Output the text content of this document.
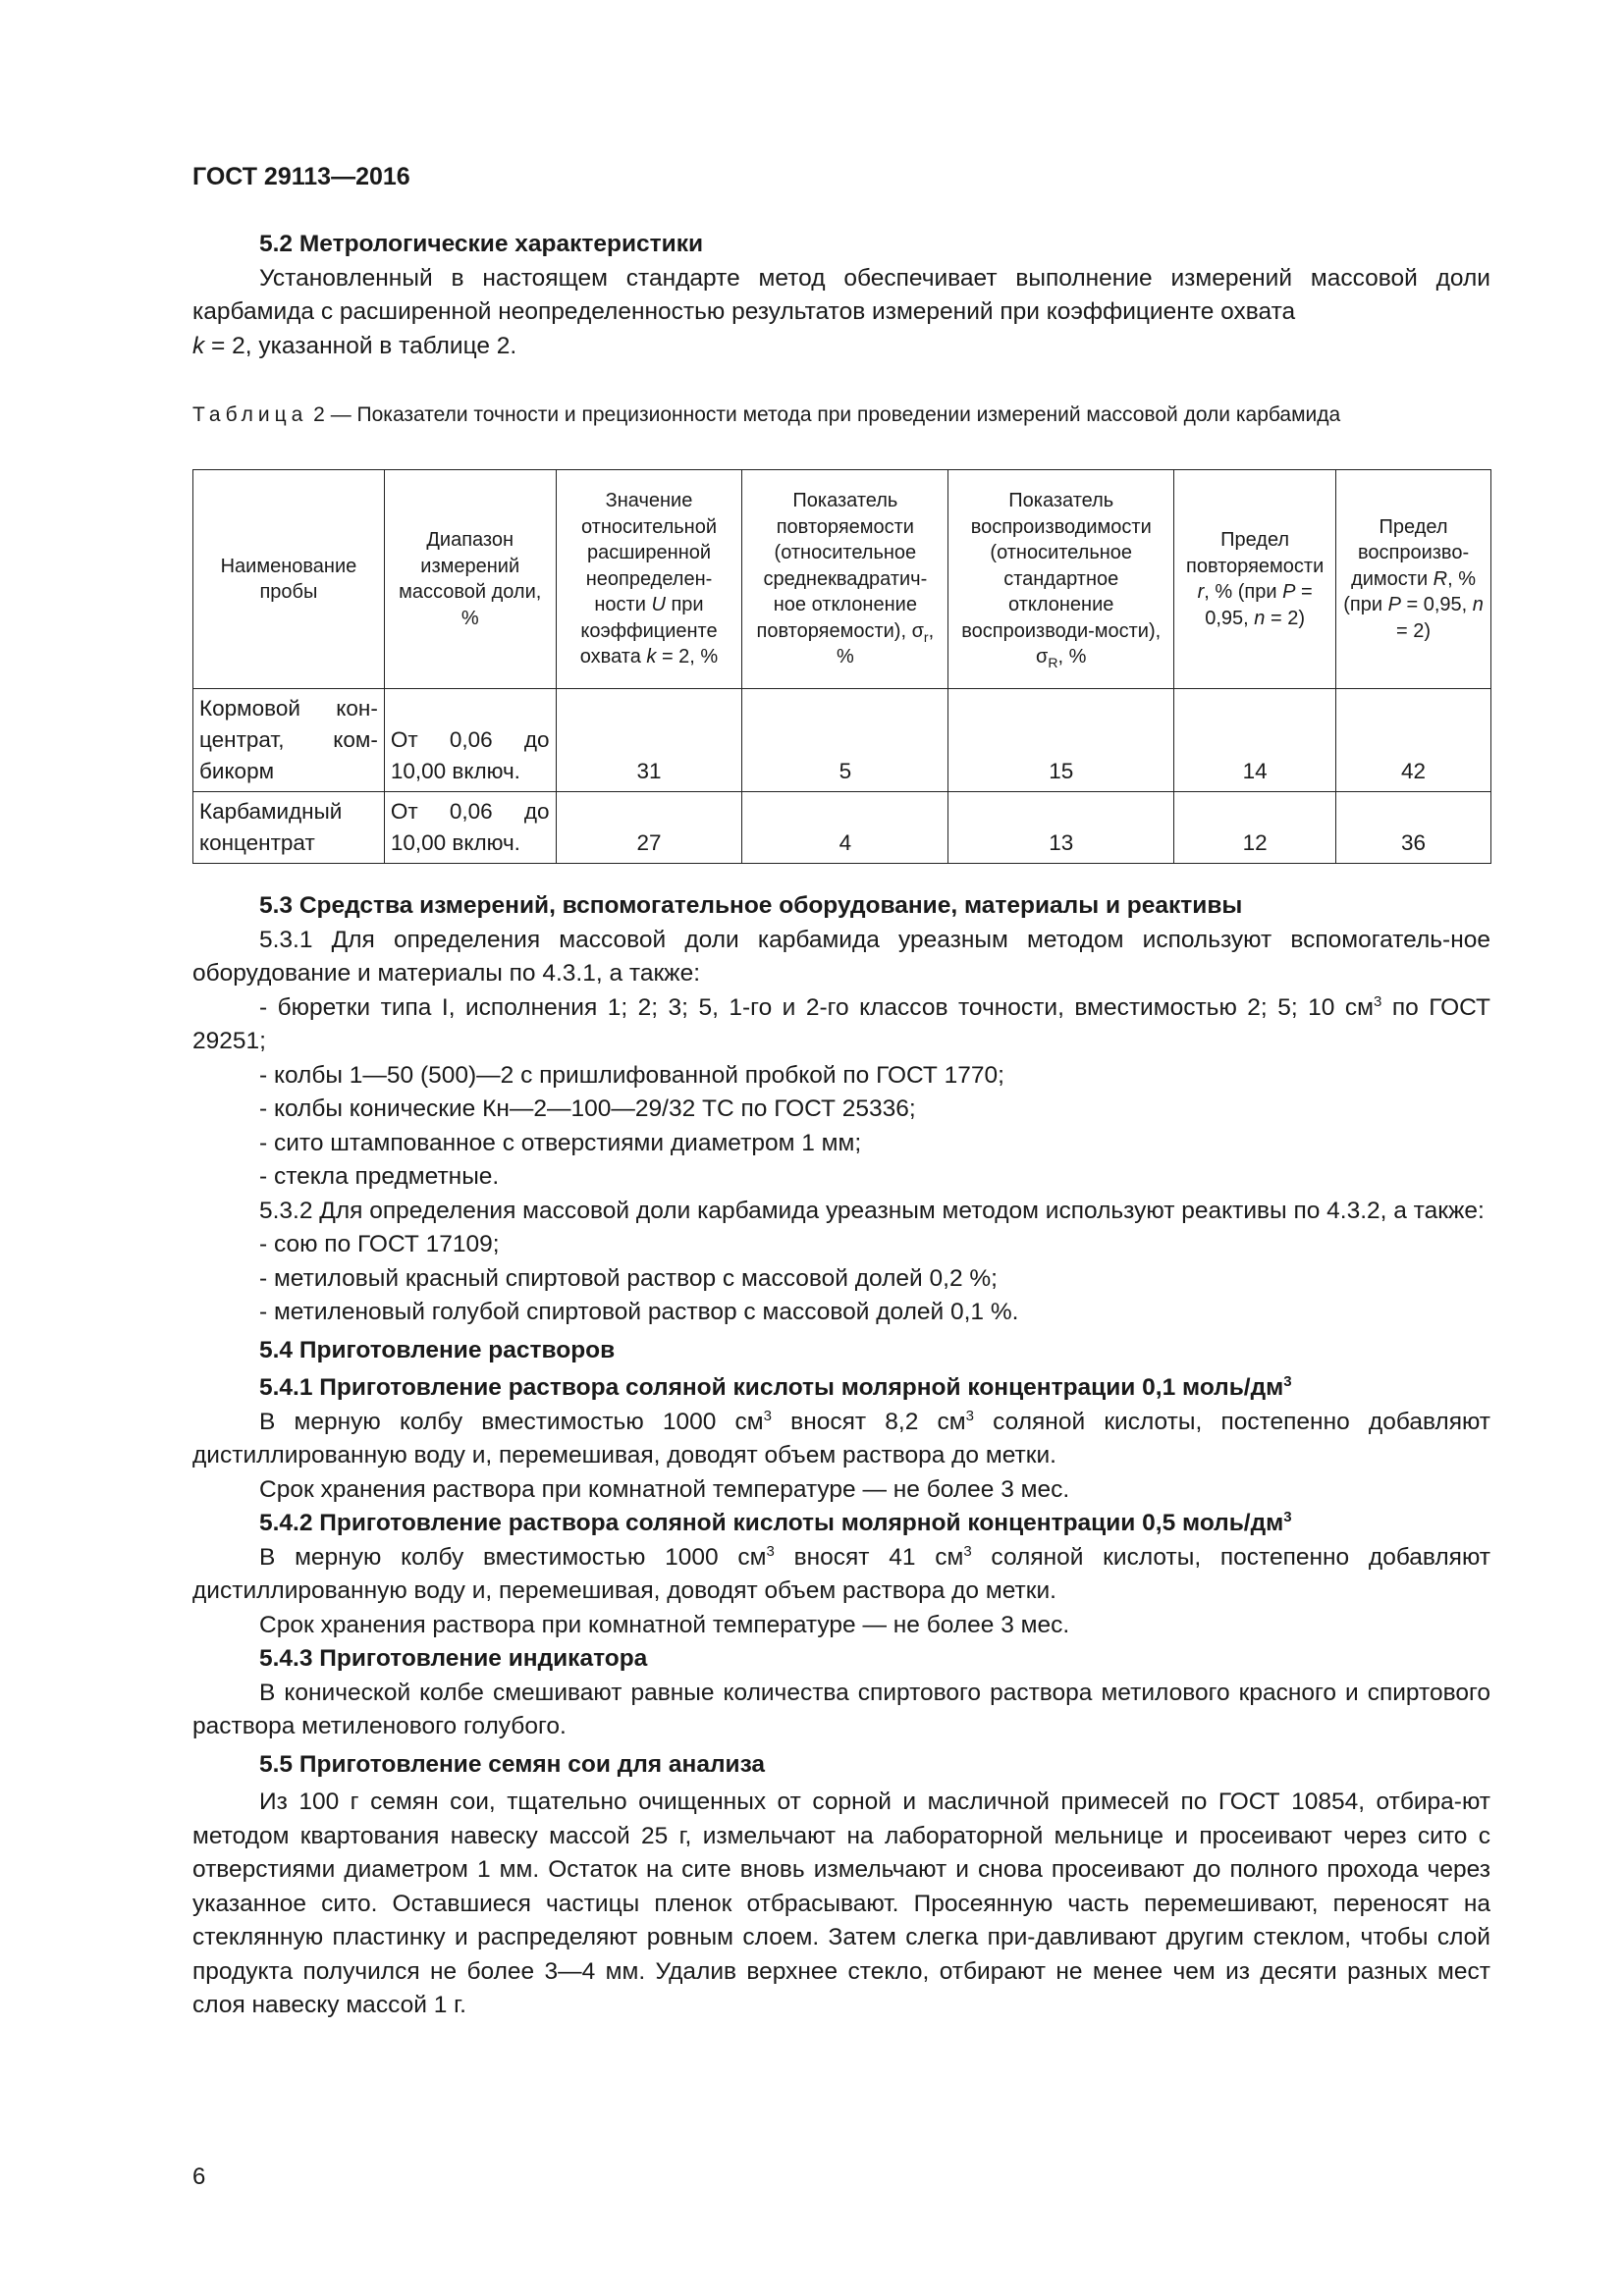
ГОСТ 29113—2016

5.2 Метрологические характеристики

Установленный в настоящем стандарте метод обеспечивает выполнение измерений массовой доли карбамида с расширенной неопределенностью результатов измерений при коэффициенте охвата
k = 2, указанной в таблице 2.

Таблица 2 — Показатели точности и прецизионности метода при проведении измерений массовой доли карбамида
Наименование пробы	Диапазон измерений массовой доли, %	Значение относительной расширенной неопределен-ности U при коэффициенте охвата k = 2, %	Показатель повторяемости (относительное среднеквадратич-ное отклонение повторяемости), $\sigma_r$, %	Показатель воспроизводимости (относительное стандартное отклонение воспроизводи-мости), $\sigma_R$, %	Предел повторяемости r, % (при P = 0,95, n = 2)	Предел воспроизво-димости R, % (при P = 0,95, n = 2)
Кормовой кон-центрат, ком-бикорм	От 0,06 до 10,00 включ.	31	5	15	14	42
Карбамидный концентрат	От 0,06 до 10,00 включ.	27	4	13	12	36

5.3 Средства измерений, вспомогательное оборудование, материалы и реактивы

5.3.1 Для определения массовой доли карбамида уреазным методом используют вспомогатель-ное оборудование и материалы по 4.3.1, а также:

- бюретки типа I, исполнения 1; 2; 3; 5, 1-го и 2-го классов точности, вместимостью 2; 5; 10 $см^3$ по ГОСТ 29251;

- колбы 1—50 (500)—2 с пришлифованной пробкой по ГОСТ 1770;

- колбы конические Кн—2—100—29/32 ТС по ГОСТ 25336;

- сито штампованное с отверстиями диаметром 1 мм;

- стекла предметные.

5.3.2 Для определения массовой доли карбамида уреазным методом используют реактивы по 4.3.2, а также:

- сою по ГОСТ 17109;

- метиловый красный спиртовой раствор с массовой долей 0,2 %;

- метиленовый голубой спиртовой раствор с массовой долей 0,1 %.

5.4 Приготовление растворов

5.4.1 Приготовление раствора соляной кислоты молярной концентрации 0,1 моль/$дм^3$

В мерную колбу вместимостью 1000 $см^3$ вносят 8,2 $см^3$ соляной кислоты, постепенно добавляют дистиллированную воду и, перемешивая, доводят объем раствора до метки.

Срок хранения раствора при комнатной температуре — не более 3 мес.

5.4.2 Приготовление раствора соляной кислоты молярной концентрации 0,5 моль/$дм^3$

В мерную колбу вместимостью 1000 $см^3$ вносят 41 $см^3$ соляной кислоты, постепенно добавляют дистиллированную воду и, перемешивая, доводят объем раствора до метки.

Срок хранения раствора при комнатной температуре — не более 3 мес.

5.4.3 Приготовление индикатора

В конической колбе смешивают равные количества спиртового раствора метилового красного и спиртового раствора метиленового голубого.

5.5 Приготовление семян сои для анализа

Из 100 г семян сои, тщательно очищенных от сорной и масличной примесей по ГОСТ 10854, отбира-ют методом квартования навеску массой 25 г, измельчают на лабораторной мельнице и просеивают через сито с отверстиями диаметром 1 мм. Остаток на сите вновь измельчают и снова просеивают до полного прохода через указанное сито. Оставшиеся частицы пленок отбрасывают. Просеянную часть перемешивают, переносят на стеклянную пластинку и распределяют ровным слоем. Затем слегка при-давливают другим стеклом, чтобы слой продукта получился не более 3—4 мм. Удалив верхнее стекло, отбирают не менее чем из десяти разных мест слоя навеску массой 1 г.

6
